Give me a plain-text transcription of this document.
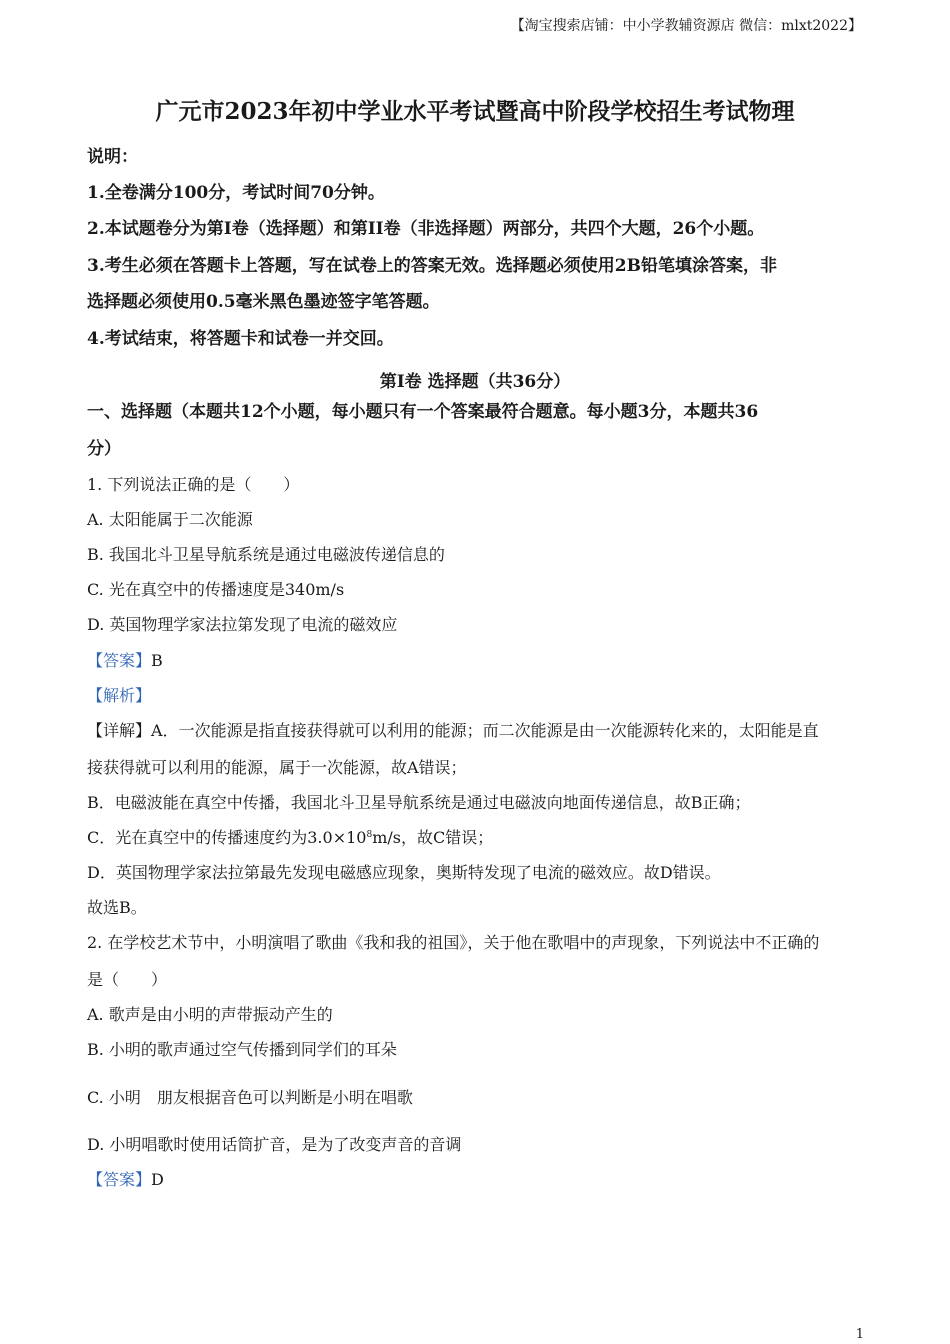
【淘宝搜索店铺：中小学教辅资源店 微信：mlxt2022】
广元市2023年初中学业水平考试暨高中阶段学校招生考试物理
说明：
1.全卷满分100分，考试时间70分钟。
2.本试题卷分为第I卷（选择题）和第II卷（非选择题）两部分，共四个大题，26个小题。
3.考生必须在答题卡上答题，写在试卷上的答案无效。选择题必须使用2B铅笔填涂答案，非
选择题必须使用0.5毫米黑色墨迹签字笔答题。
4.考试结束，将答题卡和试卷一并交回。
第I卷 选择题（共36分）
一、选择题（本题共12个小题，每小题只有一个答案最符合题意。每小题3分，本题共36
分）
1. 下列说法正确的是（　　）
A. 太阳能属于二次能源
B. 我国北斗卫星导航系统是通过电磁波传递信息的
C. 光在真空中的传播速度是340m/s
D. 英国物理学家法拉第发现了电流的磁效应
【答案】B
【解析】
【详解】A．一次能源是指直接获得就可以利用的能源；而二次能源是由一次能源转化来的，太阳能是直
接获得就可以利用的能源，属于一次能源，故A错误；
B．电磁波能在真空中传播，我国北斗卫星导航系统是通过电磁波向地面传递信息，故B正确；
C．光在真空中的传播速度约为$3.0\times 10^8m/s$，故C错误；
D．英国物理学家法拉第最先发现电磁感应现象，奥斯特发现了电流的磁效应。故D错误。
故选B。
2. 在学校艺术节中，小明演唱了歌曲《我和我的祖国》，关于他在歌唱中的声现象，下列说法中不正确的
是（　　）
A. 歌声是由小明的声带振动产生的
B. 小明的歌声通过空气传播到同学们的耳朵
C. 小明　朋友根据音色可以判断是小明在唱歌
D. 小明唱歌时使用话筒扩音，是为了改变声音的音调
【答案】D
1
